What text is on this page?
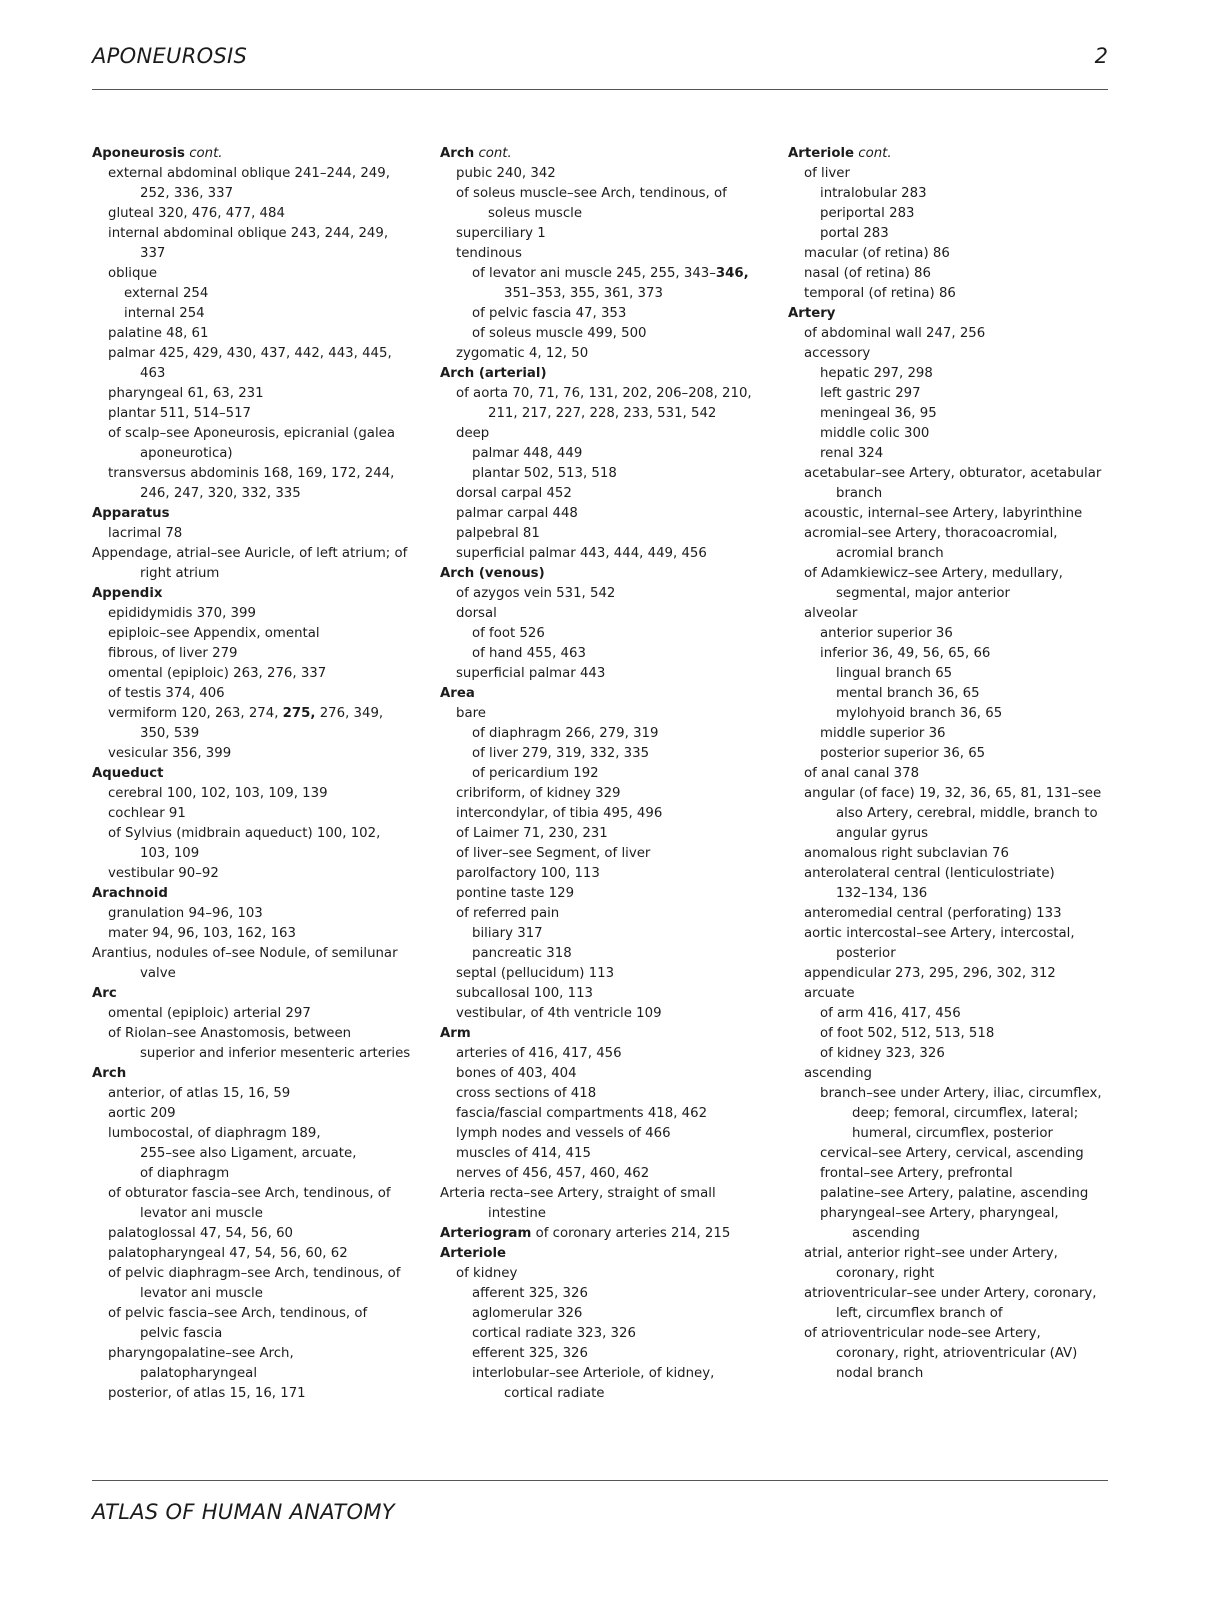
APONEUROSIS	2
Aponeurosis cont.
external abdominal oblique 241–244, 249,
252, 336, 337
gluteal 320, 476, 477, 484
internal abdominal oblique 243, 244, 249,
337
oblique
external 254
internal 254
palatine 48, 61
palmar 425, 429, 430, 437, 442, 443, 445,
463
pharyngeal 61, 63, 231
plantar 511, 514–517
of scalp–see Aponeurosis, epicranial (galea
aponeurotica)
transversus abdominis 168, 169, 172, 244,
246, 247, 320, 332, 335
Apparatus
lacrimal 78
Appendage, atrial–see Auricle, of left atrium; of
right atrium
Appendix
epididymidis 370, 399
epiploic–see Appendix, omental
fibrous, of liver 279
omental (epiploic) 263, 276, 337
of testis 374, 406
vermiform 120, 263, 274, 275, 276, 349,
350, 539
vesicular 356, 399
Aqueduct
cerebral 100, 102, 103, 109, 139
cochlear 91
of Sylvius (midbrain aqueduct) 100, 102,
103, 109
vestibular 90–92
Arachnoid
granulation 94–96, 103
mater 94, 96, 103, 162, 163
Arantius, nodules of–see Nodule, of semilunar
valve
Arc
omental (epiploic) arterial 297
of Riolan–see Anastomosis, between
superior and inferior mesenteric arteries
Arch
anterior, of atlas 15, 16, 59
aortic 209
lumbocostal, of diaphragm 189,
255–see also Ligament, arcuate,
of diaphragm
of obturator fascia–see Arch, tendinous, of
levator ani muscle
palatoglossal 47, 54, 56, 60
palatopharyngeal 47, 54, 56, 60, 62
of pelvic diaphragm–see Arch, tendinous, of
levator ani muscle
of pelvic fascia–see Arch, tendinous, of
pelvic fascia
pharyngopalatine–see Arch,
palatopharyngeal
posterior, of atlas 15, 16, 171
Arch cont.
pubic 240, 342
of soleus muscle–see Arch, tendinous, of
soleus muscle
superciliary 1
tendinous
of levator ani muscle 245, 255, 343–346,
351–353, 355, 361, 373
of pelvic fascia 47, 353
of soleus muscle 499, 500
zygomatic 4, 12, 50
Arch (arterial)
of aorta 70, 71, 76, 131, 202, 206–208, 210,
211, 217, 227, 228, 233, 531, 542
deep
palmar 448, 449
plantar 502, 513, 518
dorsal carpal 452
palmar carpal 448
palpebral 81
superficial palmar 443, 444, 449, 456
Arch (venous)
of azygos vein 531, 542
dorsal
of foot 526
of hand 455, 463
superficial palmar 443
Area
bare
of diaphragm 266, 279, 319
of liver 279, 319, 332, 335
of pericardium 192
cribriform, of kidney 329
intercondylar, of tibia 495, 496
of Laimer 71, 230, 231
of liver–see Segment, of liver
parolfactory 100, 113
pontine taste 129
of referred pain
biliary 317
pancreatic 318
septal (pellucidum) 113
subcallosal 100, 113
vestibular, of 4th ventricle 109
Arm
arteries of 416, 417, 456
bones of 403, 404
cross sections of 418
fascia/fascial compartments 418, 462
lymph nodes and vessels of 466
muscles of 414, 415
nerves of 456, 457, 460, 462
Arteria recta–see Artery, straight of small
intestine
Arteriogram of coronary arteries 214, 215
Arteriole
of kidney
afferent 325, 326
aglomerular 326
cortical radiate 323, 326
efferent 325, 326
interlobular–see Arteriole, of kidney,
cortical radiate
Arteriole cont.
of liver
intralobular 283
periportal 283
portal 283
macular (of retina) 86
nasal (of retina) 86
temporal (of retina) 86
Artery
of abdominal wall 247, 256
accessory
hepatic 297, 298
left gastric 297
meningeal 36, 95
middle colic 300
renal 324
acetabular–see Artery, obturator, acetabular
branch
acoustic, internal–see Artery, labyrinthine
acromial–see Artery, thoracoacromial,
acromial branch
of Adamkiewicz–see Artery, medullary,
segmental, major anterior
alveolar
anterior superior 36
inferior 36, 49, 56, 65, 66
lingual branch 65
mental branch 36, 65
mylohyoid branch 36, 65
middle superior 36
posterior superior 36, 65
of anal canal 378
angular (of face) 19, 32, 36, 65, 81, 131–see
also Artery, cerebral, middle, branch to
angular gyrus
anomalous right subclavian 76
anterolateral central (lenticulostriate)
132–134, 136
anteromedial central (perforating) 133
aortic intercostal–see Artery, intercostal,
posterior
appendicular 273, 295, 296, 302, 312
arcuate
of arm 416, 417, 456
of foot 502, 512, 513, 518
of kidney 323, 326
ascending
branch–see under Artery, iliac, circumflex,
deep; femoral, circumflex, lateral;
humeral, circumflex, posterior
cervical–see Artery, cervical, ascending
frontal–see Artery, prefrontal
palatine–see Artery, palatine, ascending
pharyngeal–see Artery, pharyngeal,
ascending
atrial, anterior right–see under Artery,
coronary, right
atrioventricular–see under Artery, coronary,
left, circumflex branch of
of atrioventricular node–see Artery,
coronary, right, atrioventricular (AV)
nodal branch
ATLAS OF HUMAN ANATOMY
